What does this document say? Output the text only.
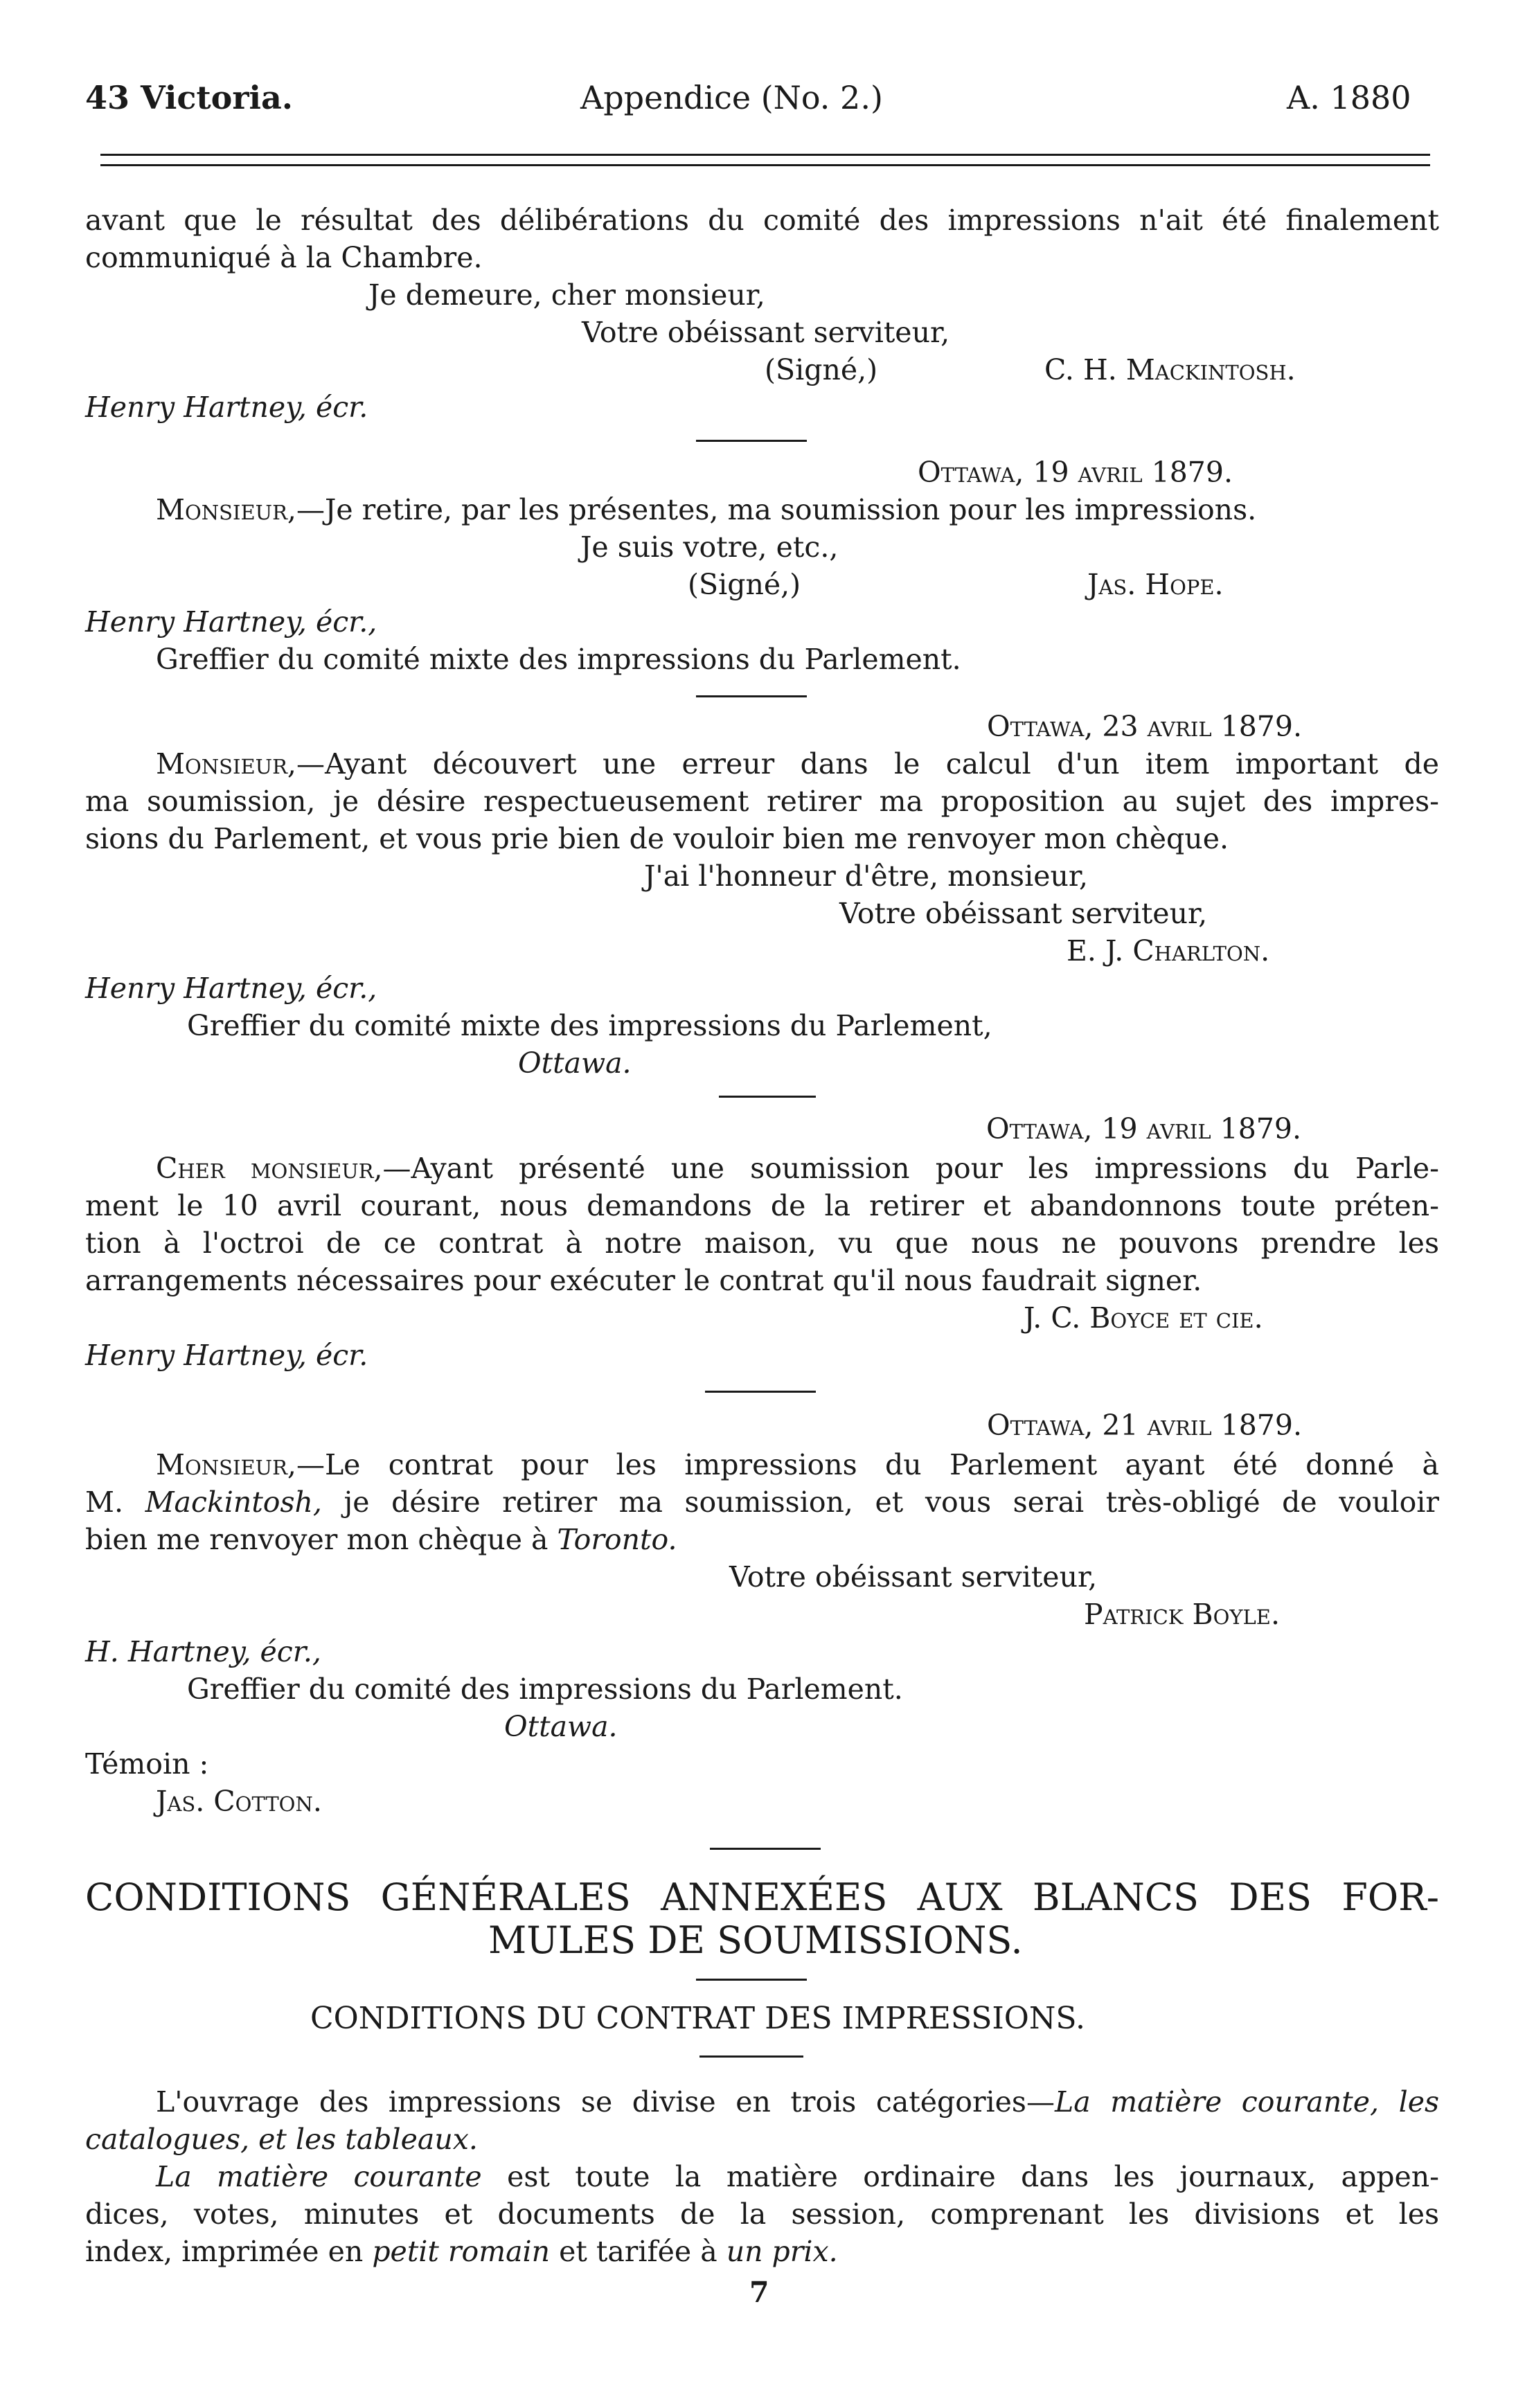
43 Victoria.	Appendice (No. 2.)	A. 1880
avant que le résultat des délibérations du comité des impressions n'ait été finalement
communiqué à la Chambre.
Je demeure, cher monsieur,
Votre obéissant serviteur,
(Signé,)	C. H. Mackintosh.
Henry Hartney, écr.
Ottawa, 19 avril 1879.
Monsieur,—Je retire, par les présentes, ma soumission pour les impressions.
Je suis votre, etc.,
(Signé,)	Jas. Hope.
Henry Hartney, écr.,
Greffier du comité mixte des impressions du Parlement.
Ottawa, 23 avril 1879.
Monsieur,—Ayant découvert une erreur dans le calcul d'un item important de
ma soumission, je désire respectueusement retirer ma proposition au sujet des impres-
sions du Parlement, et vous prie bien de vouloir bien me renvoyer mon chèque.
J'ai l'honneur d'être, monsieur,
Votre obéissant serviteur,
E. J. Charlton.
Henry Hartney, écr.,
Greffier du comité mixte des impressions du Parlement,
Ottawa.
Ottawa, 19 avril 1879.
Cher monsieur,—Ayant présenté une soumission pour les impressions du Parle-
ment le 10 avril courant, nous demandons de la retirer et abandonnons toute préten-
tion à l'octroi de ce contrat à notre maison, vu que nous ne pouvons prendre les
arrangements nécessaires pour exécuter le contrat qu'il nous faudrait signer.
J. C. Boyce et cie.
Henry Hartney, écr.
Ottawa, 21 avril 1879.
Monsieur,—Le contrat pour les impressions du Parlement ayant été donné à
M. Mackintosh, je désire retirer ma soumission, et vous serai très-obligé de vouloir
bien me renvoyer mon chèque à Toronto.
Votre obéissant serviteur,
Patrick Boyle.
H. Hartney, écr.,
Greffier du comité des impressions du Parlement.
Ottawa.
Témoin :
Jas. Cotton.
CONDITIONS GÉNÉRALES ANNEXÉES AUX BLANCS DES FOR-
MULES DE SOUMISSIONS.
CONDITIONS DU CONTRAT DES IMPRESSIONS.
L'ouvrage des impressions se divise en trois catégories—La matière courante, les
catalogues, et les tableaux.
La matière courante est toute la matière ordinaire dans les journaux, appen-
dices, votes, minutes et documents de la session, comprenant les divisions et les
index, imprimée en petit romain et tarifée à un prix.
7
